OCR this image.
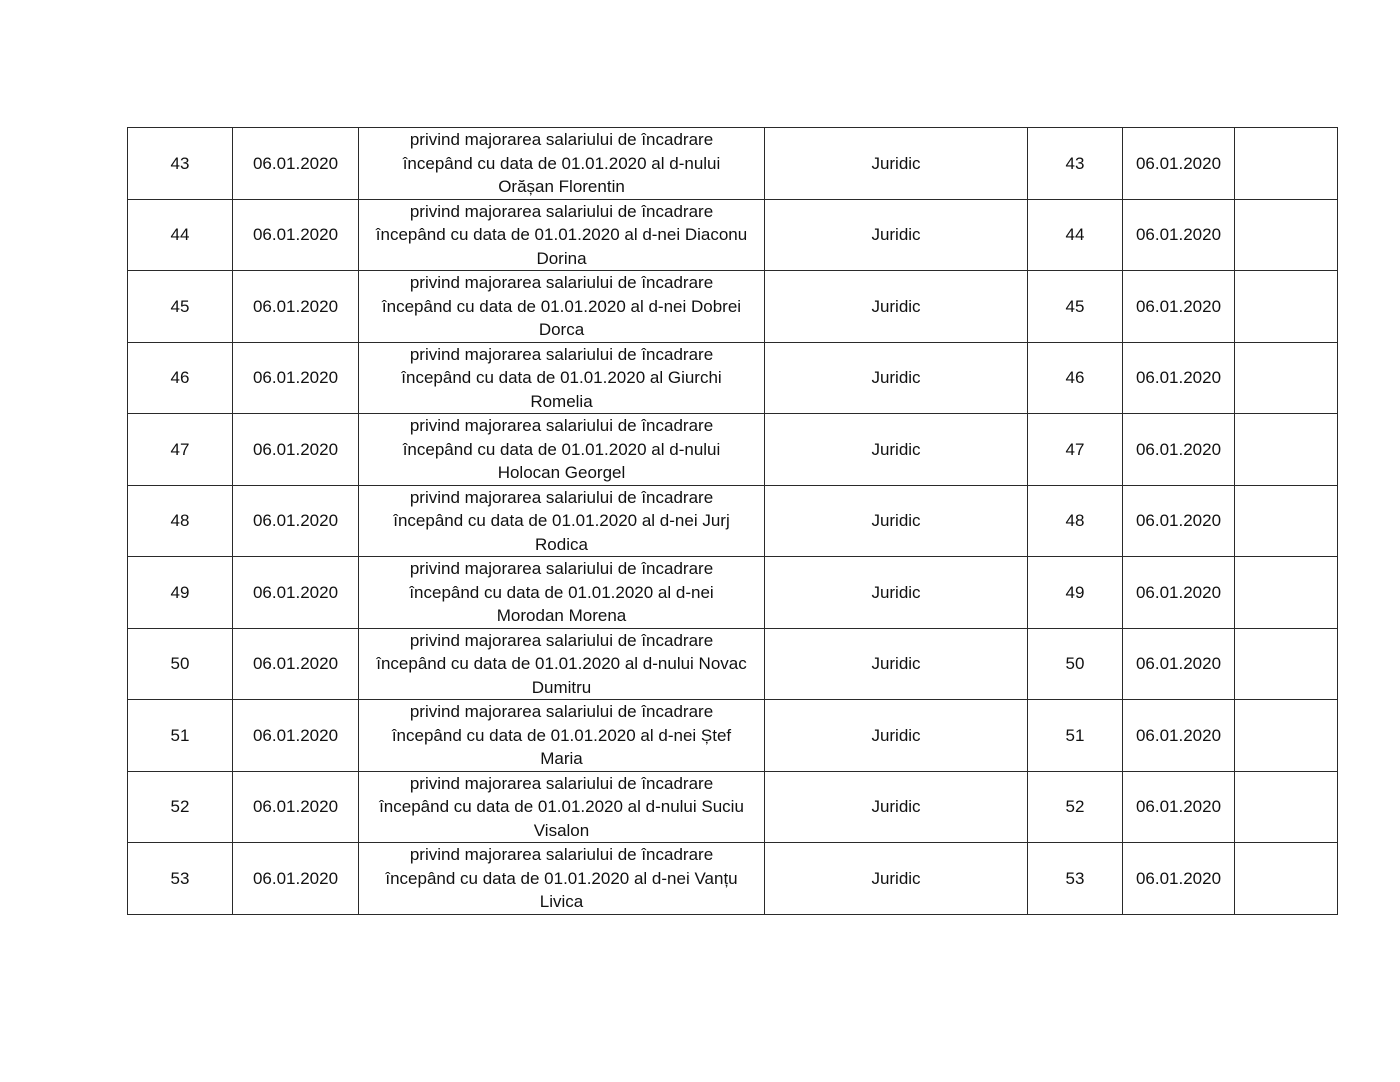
43	06.01.2020	privind majorarea salariului de încadrare
începând cu data de 01.01.2020 al d-nului
Orășan Florentin	Juridic	43	06.01.2020	
44	06.01.2020	privind majorarea salariului de încadrare
începând cu data de 01.01.2020 al d-nei Diaconu
Dorina	Juridic	44	06.01.2020	
45	06.01.2020	privind majorarea salariului de încadrare
începând cu data de 01.01.2020 al d-nei Dobrei
Dorca	Juridic	45	06.01.2020	
46	06.01.2020	privind majorarea salariului de încadrare
începând cu data de 01.01.2020 al Giurchi
Romelia	Juridic	46	06.01.2020	
47	06.01.2020	privind majorarea salariului de încadrare
începând cu data de 01.01.2020 al d-nului
Holocan Georgel	Juridic	47	06.01.2020	
48	06.01.2020	privind majorarea salariului de încadrare
începând cu data de 01.01.2020 al d-nei Jurj
Rodica	Juridic	48	06.01.2020	
49	06.01.2020	privind majorarea salariului de încadrare
începând cu data de 01.01.2020 al d-nei
Morodan Morena	Juridic	49	06.01.2020	
50	06.01.2020	privind majorarea salariului de încadrare
începând cu data de 01.01.2020 al d-nului Novac
Dumitru	Juridic	50	06.01.2020	
51	06.01.2020	privind majorarea salariului de încadrare
începând cu data de 01.01.2020 al d-nei Ștef
Maria	Juridic	51	06.01.2020	
52	06.01.2020	privind majorarea salariului de încadrare
începând cu data de 01.01.2020 al d-nului Suciu
Visalon	Juridic	52	06.01.2020	
53	06.01.2020	privind majorarea salariului de încadrare
începând cu data de 01.01.2020 al d-nei Vanțu
Livica	Juridic	53	06.01.2020	
